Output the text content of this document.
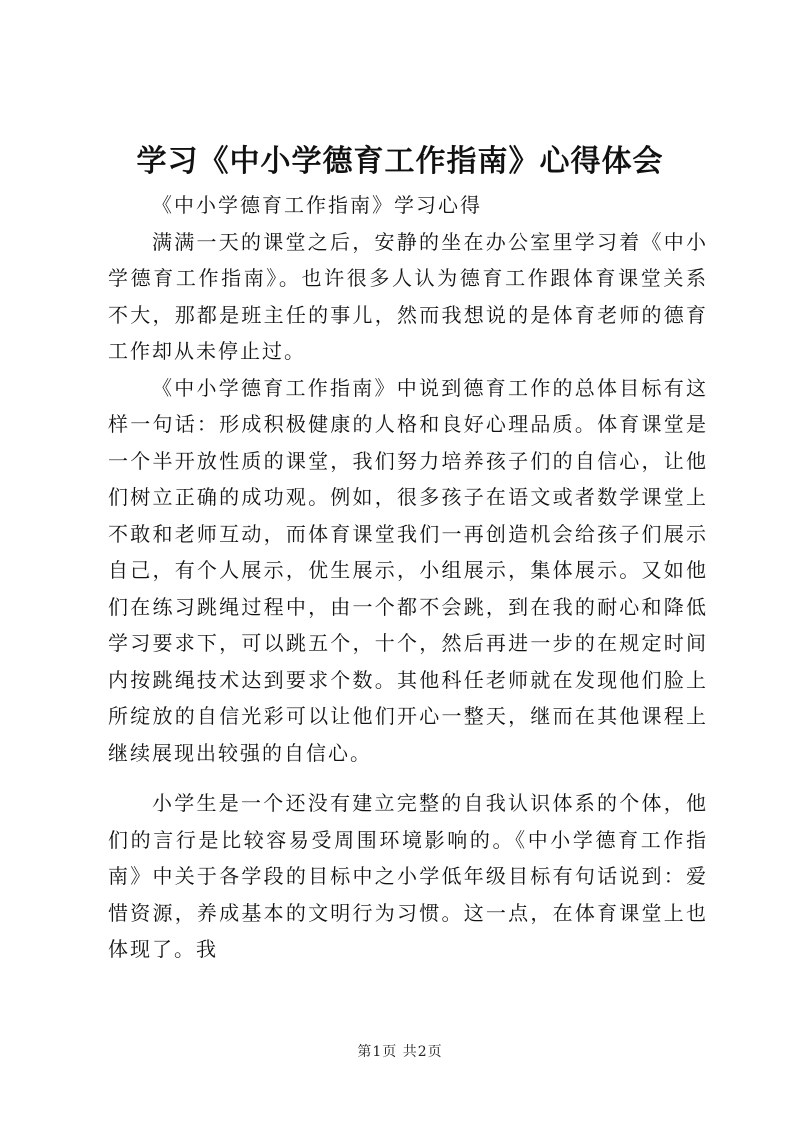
学习《中小学德育工作指南》心得体会

《中小学德育工作指南》学习心得

满满一天的课堂之后，安静的坐在办公室里学习着《中小学德育工作指南》。也许很多人认为德育工作跟体育课堂关系不大，那都是班主任的事儿，然而我想说的是体育老师的德育工作却从未停止过。

《中小学德育工作指南》中说到德育工作的总体目标有这样一句话：形成积极健康的人格和良好心理品质。体育课堂是一个半开放性质的课堂，我们努力培养孩子们的自信心，让他们树立正确的成功观。例如，很多孩子在语文或者数学课堂上不敢和老师互动，而体育课堂我们一再创造机会给孩子们展示自己，有个人展示，优生展示，小组展示，集体展示。又如他们在练习跳绳过程中，由一个都不会跳，到在我的耐心和降低学习要求下，可以跳五个，十个，然后再进一步的在规定时间内按跳绳技术达到要求个数。其他科任老师就在发现他们脸上所绽放的自信光彩可以让他们开心一整天，继而在其他课程上继续展现出较强的自信心。

小学生是一个还没有建立完整的自我认识体系的个体，他们的言行是比较容易受周围环境影响的。《中小学德育工作指南》中关于各学段的目标中之小学低年级目标有句话说到：爱惜资源，养成基本的文明行为习惯。这一点，在体育课堂上也体现了。我

第1页 共2页
